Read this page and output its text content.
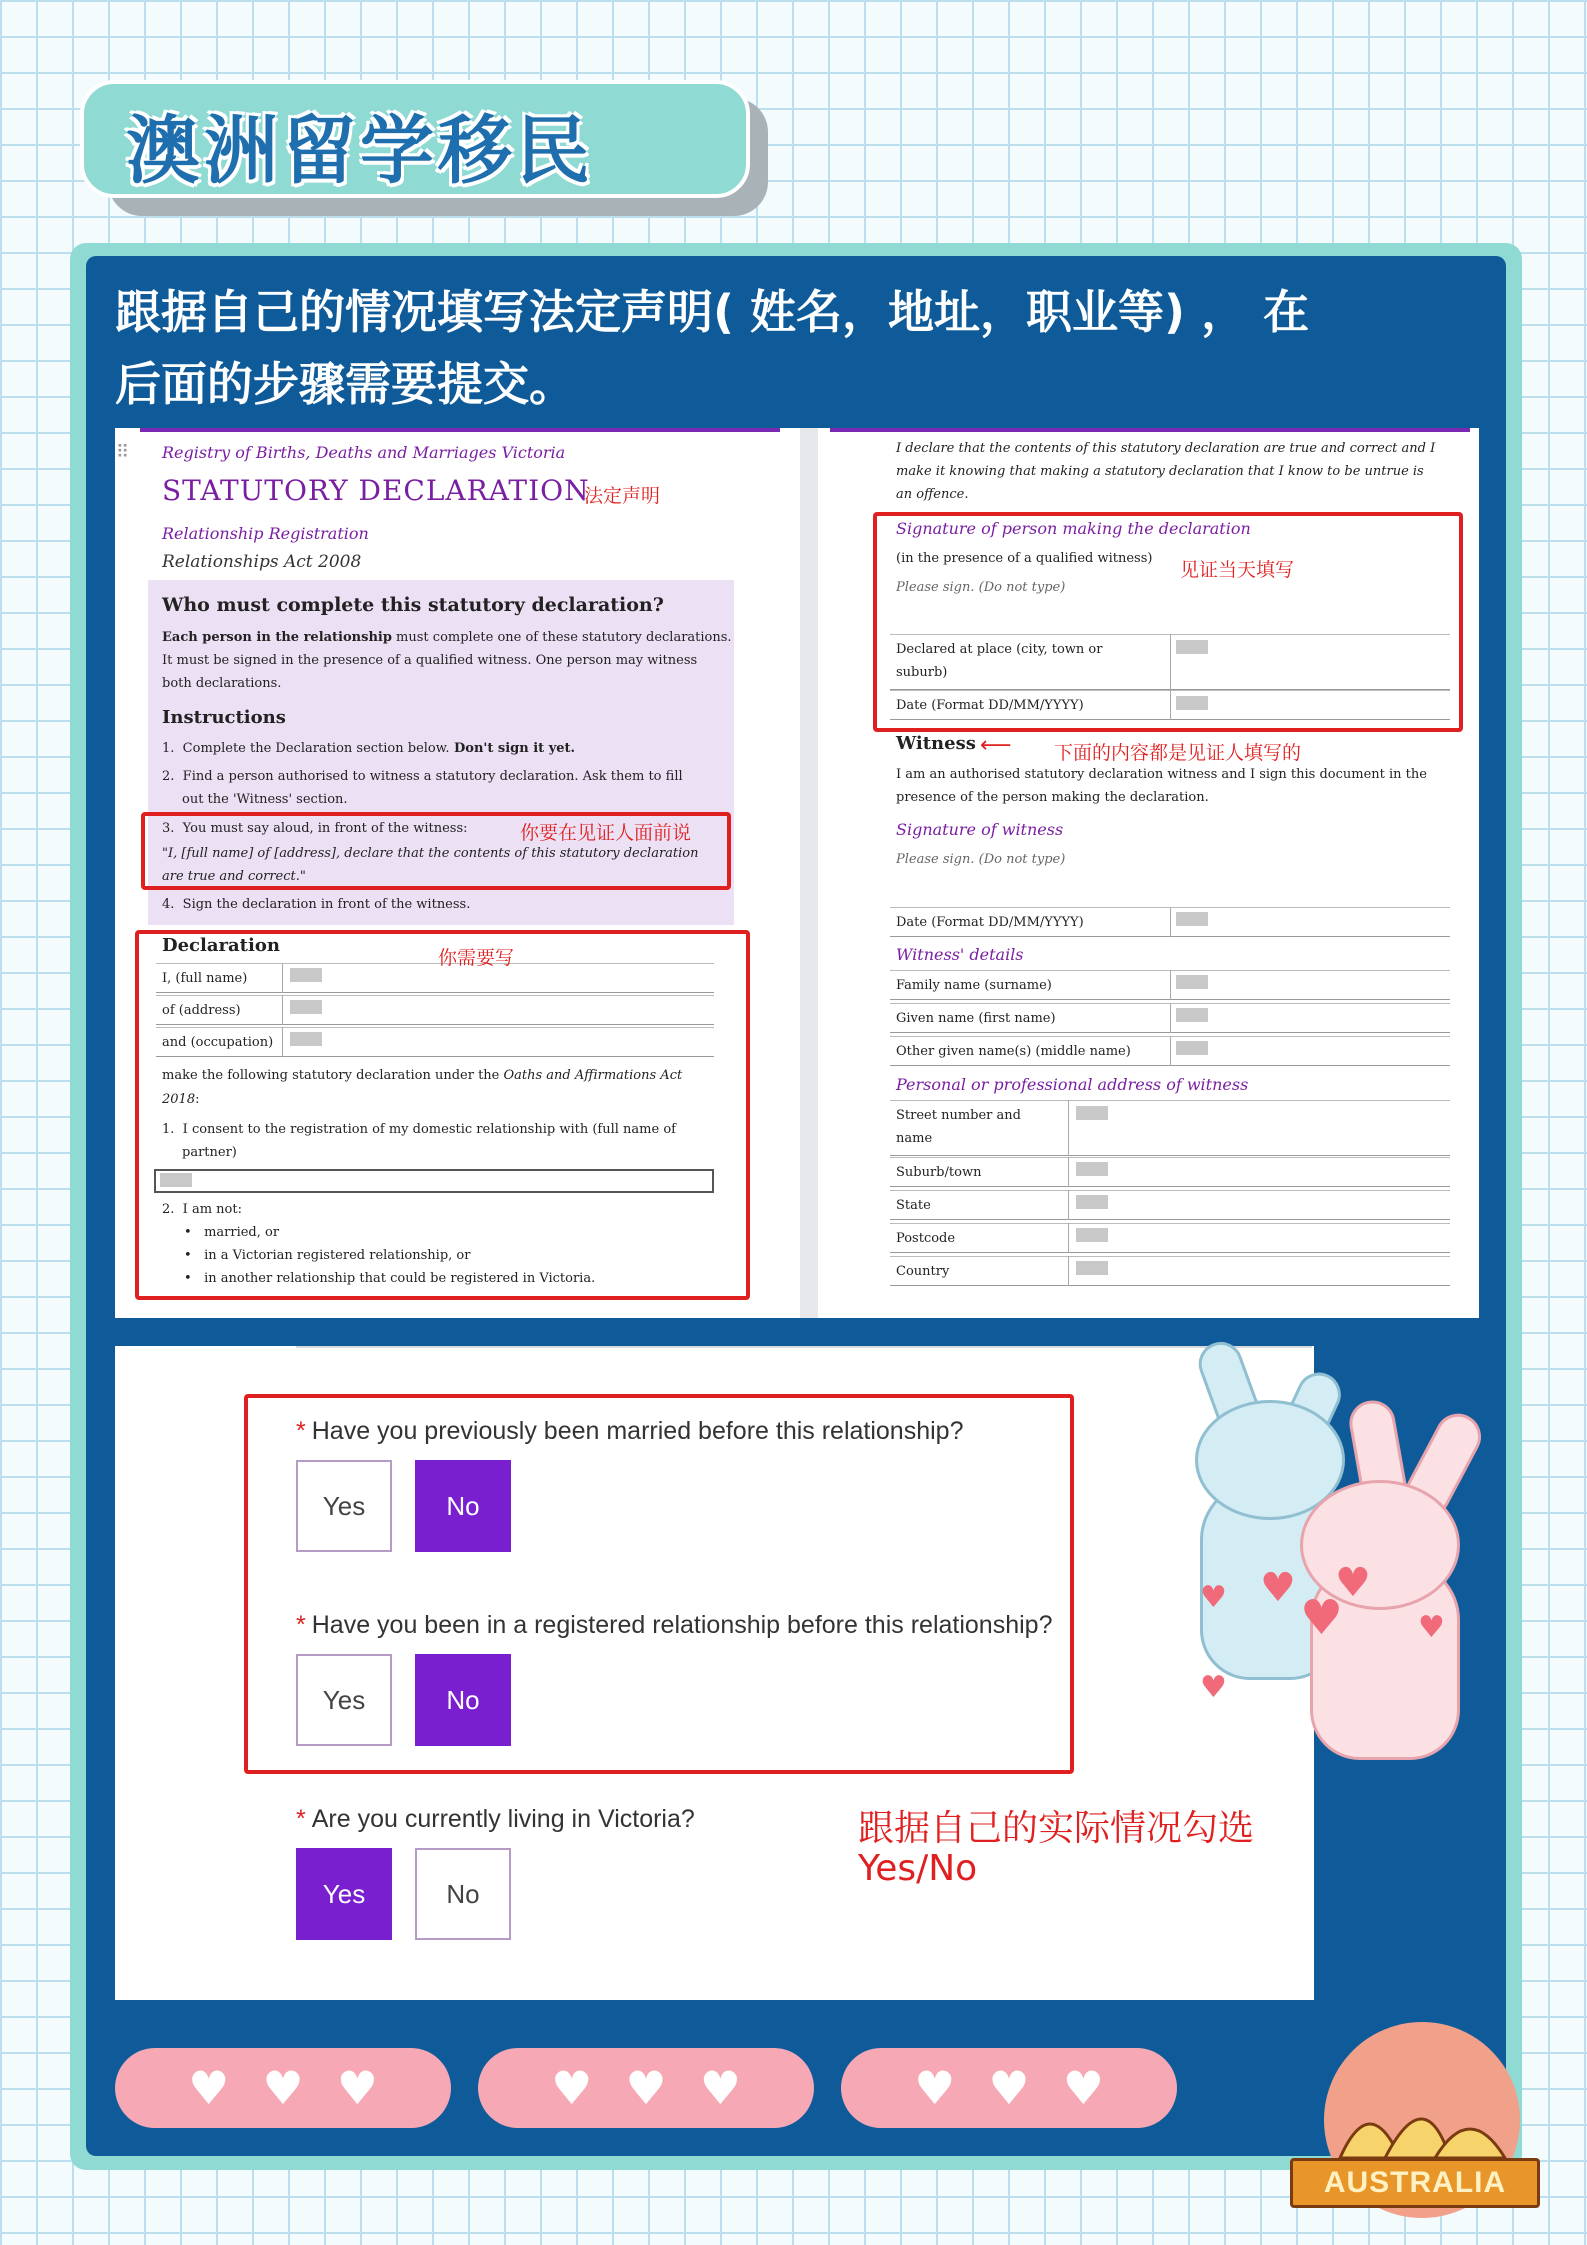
澳洲留学移民
跟据自己的情况填写法定声明( 姓名，地址，职业等) ， 在
后面的步骤需要提交。
⠿ Registry of Births, Deaths and Marriages Victoria
STATUTORY DECLARATION
Relationship Registration
Relationships Act 2008
Who must complete this statutory declaration?
Each person in the relationship must complete one of these statutory declarations.
It must be signed in the presence of a qualified witness. One person may witness
both declarations.
Instructions
1. Complete the Declaration section below. Don't sign it yet.
2. Find a person authorised to witness a statutory declaration. Ask them to fill
out the 'Witness' section.
3. You must say aloud, in front of the witness:
"I, [full name] of [address], declare that the contents of this statutory declaration
are true and correct."
4. Sign the declaration in front of the witness.
Declaration
I, (full name)
of (address)
and (occupation)
make the following statutory declaration under the Oaths and Affirmations Act
2018:
1. I consent to the registration of my domestic relationship with (full name of
partner)
2. I am not:
•   married, or
•   in a Victorian registered relationship, or
•   in another relationship that could be registered in Victoria.
法定声明
你要在见证人面前说
你需要写
I declare that the contents of this statutory declaration are true and correct and I
make it knowing that making a statutory declaration that I know to be untrue is
an offence.
Signature of person making the declaration
(in the presence of a qualified witness)
Please sign. (Do not type)
Declared at place (city, town or
suburb)
Date (Format DD/MM/YYYY)
Witness ⟵
I am an authorised statutory declaration witness and I sign this document in the
presence of the person making the declaration.
Signature of witness
Please sign. (Do not type)
Date (Format DD/MM/YYYY)
Witness' details
Family name (surname)
Given name (first name)
Other given name(s) (middle name)
Personal or professional address of witness
Street number and
name
Suburb/town
State
Postcode
Country
见证当天填写
下面的内容都是见证人填写的
* Have you previously been married before this relationship?
Yes	No
* Have you been in a registered relationship before this relationship?
Yes	No
* Are you currently living in Victoria?
Yes	No
跟据自己的实际情况勾选
Yes/No
♥
♥
♥
♥
♥
♥
♥ ♥ ♥	♥ ♥ ♥	♥ ♥ ♥
AUSTRALIA
